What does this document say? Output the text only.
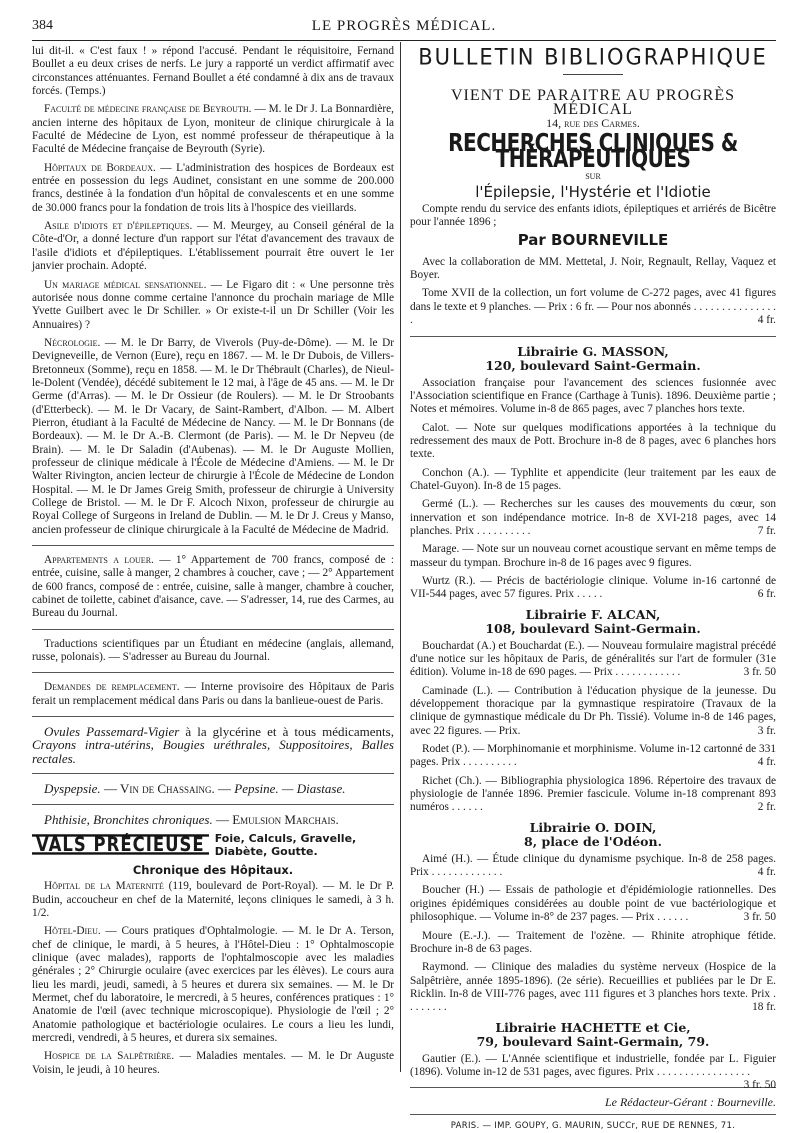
384	LE PROGRÈS MÉDICAL.

lui dit-il. « C'est faux ! » répond l'accusé. Pendant le réquisitoire, Fernand Boullet a eu deux crises de nerfs. Le jury a rapporté un verdict affirmatif avec circonstances atténuantes. Fernand Boullet a été condamné à dix ans de travaux forcés. (Temps.)

Faculté de médecine française de Beyrouth. — M. le Dr J. La Bonnardière, ancien interne des hôpitaux de Lyon, moniteur de clinique chirurgicale à la Faculté de Médecine de Lyon, est nommé professeur de thérapeutique à la Faculté de Médecine française de Beyrouth (Syrie).

Hôpitaux de Bordeaux. — L'administration des hospices de Bordeaux est entrée en possession du legs Audinet, consistant en une somme de 200.000 francs, destinée à la fondation d'un hôpital de convalescents et en une somme de 30.000 francs pour la fondation de trois lits à l'hospice des vieillards.

Asile d'idiots et d'épileptiques. — M. Meurgey, au Conseil général de la Côte-d'Or, a donné lecture d'un rapport sur l'état d'avancement des travaux de l'asile d'idiots et d'épileptiques. L'établissement pourrait être ouvert le 1er janvier prochain. Adopté.

Un mariage médical sensationnel. — Le Figaro dit : « Une personne très autorisée nous donne comme certaine l'annonce du prochain mariage de Mlle Yvette Guilbert avec le Dr Schiller. » Or existe-t-il un Dr Schiller (Voir les Annuaires) ?

Nécrologie. — M. le Dr Barry, de Viverols (Puy-de-Dôme). — M. le Dr Devigneveille, de Vernon (Eure), reçu en 1867. — M. le Dr Dubois, de Villers-Bretonneux (Somme), reçu en 1858. — M. le Dr Thébrault (Charles), de Nieul-le-Dolent (Vendée), décédé subitement le 12 mai, à l'âge de 45 ans. — M. le Dr Germe (d'Arras). — M. le Dr Ossieur (de Roulers). — M. le Dr Stroobants (d'Etterbeck). — M. le Dr Vacary, de Saint-Rambert, d'Albon. — M. Albert Pierron, étudiant à la Faculté de Médecine de Nancy. — M. le Dr Bonnans (de Bordeaux). — M. le Dr A.-B. Clermont (de Paris). — M. le Dr Nepveu (de Brain). — M. le Dr Saladin (d'Aubenas). — M. le Dr Auguste Mollien, professeur de clinique médicale à l'École de Médecine d'Amiens. — M. le Dr Walter Rivington, ancien lecteur de chirurgie à l'École de Médecine de London Hospital. — M. le Dr James Greig Smith, professeur de chirurgie à University College de Bristol. — M. le Dr F. Alcoch Nixon, professeur de chirurgie au Royal College of Surgeons in Ireland de Dublin. — M. le Dr J. Creus y Manso, ancien professeur de clinique chirurgicale à la Faculté de Médecine de Madrid.

Appartements a louer. — 1° Appartement de 700 francs, composé de : entrée, cuisine, salle à manger, 2 chambres à coucher, cave ; — 2° Appartement de 600 francs, composé de : entrée, cuisine, salle à manger, chambre à coucher, cabinet de toilette, cabinet d'aisance, cave. — S'adresser, 14, rue des Carmes, au Bureau du Journal.

Traductions scientifiques par un Étudiant en médecine (anglais, allemand, russe, polonais). — S'adresser au Bureau du Journal.

Demandes de remplacement. — Interne provisoire des Hôpitaux de Paris ferait un remplacement médical dans Paris ou dans la banlieue-ouest de Paris.

Ovules Passemard-Vigier à la glycérine et à tous médicaments, Crayons intra-utérins, Bougies uréthrales, Suppositoires, Balles rectales.

Dyspepsie. — Vin de Chassaing. — Pepsine. — Diastase.

Phthisie, Bronchites chroniques. — Emulsion Marchais.

VALS PRÉCIEUSE Foie, Calculs, Gravelle,
Diabète, Goutte.
Chronique des Hôpitaux.

Hôpital de la Maternité (119, boulevard de Port-Royal). — M. le Dr P. Budin, accoucheur en chef de la Maternité, leçons cliniques le samedi, à 3 h. 1/2.

Hôtel-Dieu. — Cours pratiques d'Ophtalmologie. — M. le Dr A. Terson, chef de clinique, le mardi, à 5 heures, à l'Hôtel-Dieu : 1° Ophtalmoscopie clinique (avec malades), rapports de l'ophtalmoscopie avec les maladies générales ; 2° Chirurgie oculaire (avec exercices par les élèves). Le cours aura lieu les mardi, jeudi, samedi, à 5 heures et durera six semaines. — M. le Dr Mermet, chef du laboratoire, le mercredi, à 5 heures, conférences pratiques : 1° Anatomie de l'œil (avec technique microscopique). Physiologie de l'œil ; 2° Anatomie pathologique et bactériologie oculaires. Le cours a lieu les lundi, mercredi, vendredi, à 5 heures, et durera six semaines.

Hospice de la Salpêtrière. — Maladies mentales. — M. le Dr Auguste Voisin, le jeudi, à 10 heures.

BULLETIN BIBLIOGRAPHIQUE
VIENT DE PARAITRE AU PROGRÈS MÉDICAL
14, rue des Carmes.
RECHERCHES CLINIQUES & THÉRAPEUTIQUES
SUR
l'Épilepsie, l'Hystérie et l'Idiotie

Compte rendu du service des enfants idiots, épileptiques et arriérés de Bicêtre pour l'année 1896 ;

Par BOURNEVILLE

Avec la collaboration de MM. Mettetal, J. Noir, Regnault, Rellay, Vaquez et Boyer.

Tome XVII de la collection, un fort volume de C-272 pages, avec 41 figures dans le texte et 9 planches. — Prix : 6 fr. — Pour nos abonnés . . . . . . . . . . . . . . . .	4 fr.

Librairie G. MASSON,
120, boulevard Saint-Germain.

Association française pour l'avancement des sciences fusionnée avec l'Association scientifique en France (Carthage à Tunis). 1896. Deuxième partie ; Notes et mémoires. Volume in-8 de 865 pages, avec 7 planches hors texte.

Calot. — Note sur quelques modifications apportées à la technique du redressement des maux de Pott. Brochure in-8 de 8 pages, avec 6 planches hors texte.

Conchon (A.). — Typhlite et appendicite (leur traitement par les eaux de Chatel-Guyon). In-8 de 15 pages.

Germé (L.). — Recherches sur les causes des mouvements du cœur, son innervation et son indépendance motrice. In-8 de XVI-218 pages, avec 14 planches. Prix . . . . . . . . . .	7 fr.

Marage. — Note sur un nouveau cornet acoustique servant en même temps de masseur du tympan. Brochure in-8 de 16 pages avec 9 figures.

Wurtz (R.). — Précis de bactériologie clinique. Volume in-16 cartonné de VII-544 pages, avec 57 figures. Prix . . . . .	6 fr.

Librairie F. ALCAN,
108, boulevard Saint-Germain.

Bouchardat (A.) et Bouchardat (E.). — Nouveau formulaire magistral précédé d'une notice sur les hôpitaux de Paris, de généralités sur l'art de formuler (31e édition). Volume in-18 de 690 pages. — Prix . . . . . . . . . . . .	3 fr. 50

Caminade (L.). — Contribution à l'éducation physique de la jeunesse. Du développement thoracique par la gymnastique respiratoire (Travaux de la clinique de gymnastique médicale du Dr Ph. Tissié). Volume in-8 de 146 pages, avec 22 figures. — Prix.	3 fr.

Rodet (P.). — Morphinomanie et morphinisme. Volume in-12 cartonné de 331 pages. Prix . . . . . . . . . .	4 fr.

Richet (Ch.). — Bibliographia physiologica 1896. Répertoire des travaux de physiologie de l'année 1896. Premier fascicule. Volume in-18 comprenant 893 numéros . . . . . .	2 fr.

Librairie O. DOIN,
8, place de l'Odéon.

Aimé (H.). — Étude clinique du dynamisme psychique. In-8 de 258 pages. Prix . . . . . . . . . . . . .	4 fr.

Boucher (H.) — Essais de pathologie et d'épidémiologie rationnelles. Des origines épidémiques considérées au double point de vue bactériologique et philosophique. — Volume in-8° de 237 pages. — Prix . . . . . .	3 fr. 50

Moure (E.-J.). — Traitement de l'ozène. — Rhinite atrophique fétide. Brochure in-8 de 63 pages.

Raymond. — Clinique des maladies du système nerveux (Hospice de la Salpêtrière, année 1895-1896). (2e série). Recueillies et publiées par le Dr E. Ricklin. In-8 de VIII-776 pages, avec 111 figures et 3 planches hors texte. Prix . . . . . . . .	18 fr.

Librairie HACHETTE et Cie,
79, boulevard Saint-Germain, 79.

Gautier (E.). — L'Année scientifique et industrielle, fondée par L. Figuier (1896). Volume in-12 de 531 pages, avec figures. Prix . . . . . . . . . . . . . . . . .
3 fr. 50

Le Rédacteur-Gérant : Bourneville.
PARIS. — IMP. GOUPY, G. MAURIN, SUCCr, RUE DE RENNES, 71.
